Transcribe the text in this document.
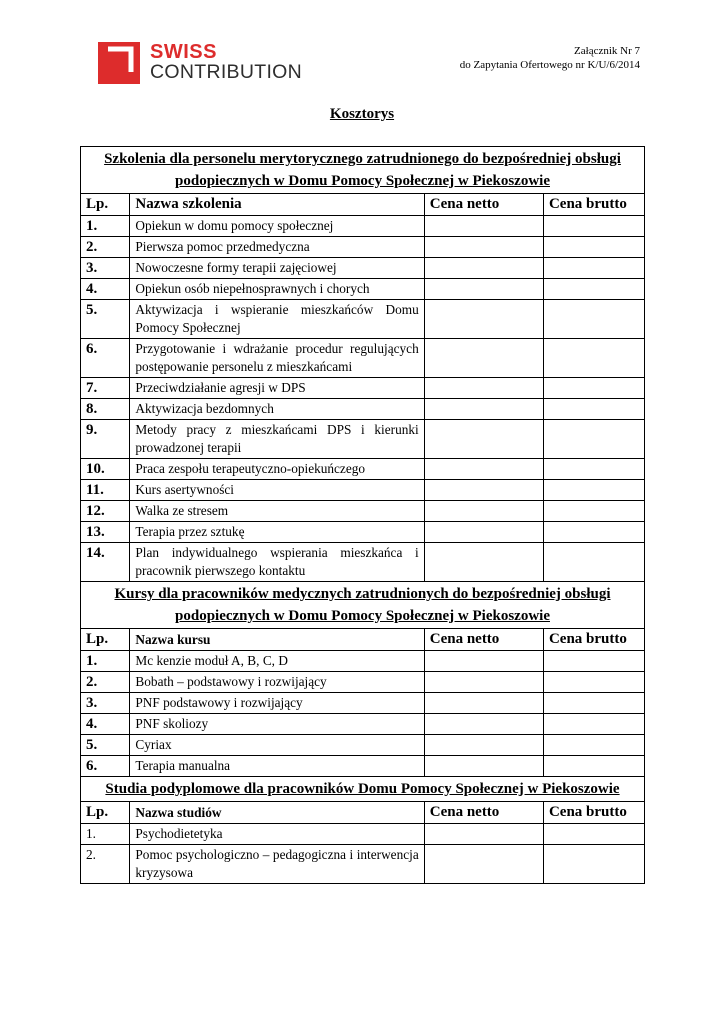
SWISS
CONTRIBUTION
Załącznik Nr 7
do Zapytania Ofertowego nr K/U/6/2014
Kosztorys
Szkolenia dla personelu merytorycznego zatrudnionego do bezpośredniej obsługi podopiecznych w Domu Pomocy Społecznej w Piekoszowie			
Lp.	Nazwa szkolenia	Cena netto	Cena brutto
1.	Opiekun w domu pomocy społecznej		
2.	Pierwsza pomoc przedmedyczna		
3.	Nowoczesne formy terapii zajęciowej		
4.	Opiekun osób niepełnosprawnych i chorych		
5.	Aktywizacja i wspieranie mieszkańców Domu Pomocy Społecznej		
6.	Przygotowanie i wdrażanie procedur regulujących postępowanie personelu z mieszkańcami		
7.	Przeciwdziałanie agresji w DPS		
8.	Aktywizacja bezdomnych		
9.	Metody pracy z mieszkańcami DPS i kierunki prowadzonej terapii		
10.	Praca zespołu terapeutyczno-opiekuńczego		
11.	Kurs asertywności		
12.	Walka ze stresem		
13.	Terapia przez sztukę		
14.	Plan indywidualnego wspierania mieszkańca i pracownik pierwszego kontaktu		
Kursy dla pracowników medycznych zatrudnionych do bezpośredniej obsługi podopiecznych w Domu Pomocy Społecznej w Piekoszowie			
Lp.	Nazwa kursu	Cena netto	Cena brutto
1.	Mc kenzie moduł A, B, C, D		
2.	Bobath – podstawowy i rozwijający		
3.	PNF podstawowy i rozwijający		
4.	PNF skoliozy		
5.	Cyriax		
6.	Terapia manualna		
Studia podyplomowe dla pracowników Domu Pomocy Społecznej w Piekoszowie			
Lp.	Nazwa studiów	Cena netto	Cena brutto
1.	Psychodietetyka		
2.	Pomoc psychologiczno – pedagogiczna i interwencja kryzysowa		
